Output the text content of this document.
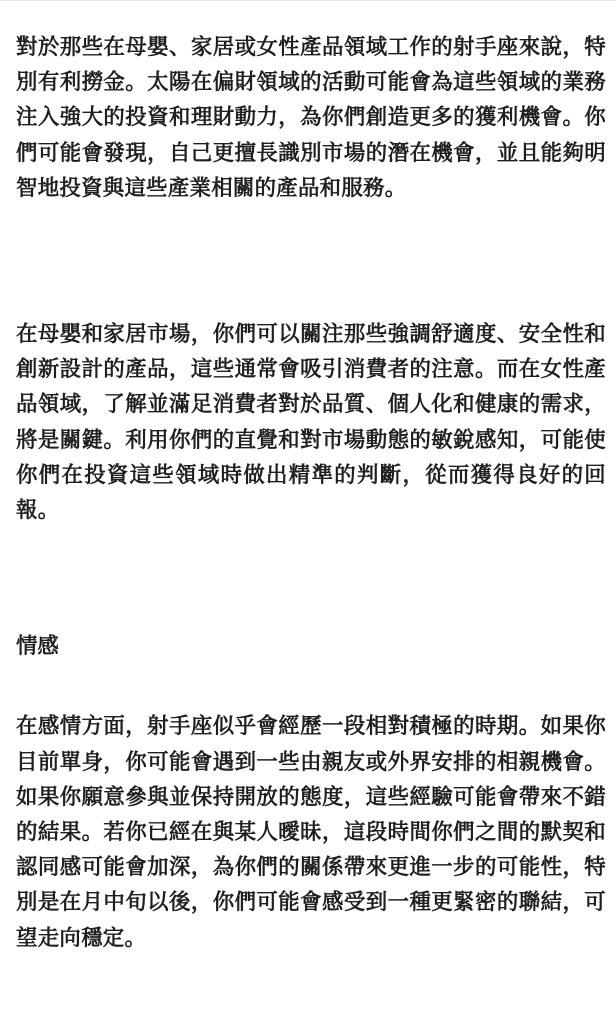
對於那些在母嬰、家居或女性產品領域工作的射手座來說，特別有利撈金。太陽在偏財領域的活動可能會為這些領域的業務注入強大的投資和理財動力，為你們創造更多的獲利機會。你們可能會發現，自己更擅長識別市場的潛在機會，並且能夠明智地投資與這些產業相關的產品和服務。

在母嬰和家居市場，你們可以關注那些強調舒適度、安全性和創新設計的產品，這些通常會吸引消費者的注意。而在女性產品領域，了解並滿足消費者對於品質、個人化和健康的需求，將是關鍵。利用你們的直覺和對市場動態的敏銳感知，可能使你們在投資這些領域時做出精準的判斷，從而獲得良好的回報。

情感

在感情方面，射手座似乎會經歷一段相對積極的時期。如果你目前單身，你可能會遇到一些由親友或外界安排的相親機會。如果你願意參與並保持開放的態度，這些經驗可能會帶來不錯的結果。若你已經在與某人曖昧，這段時間你們之間的默契和認同感可能會加深，為你們的關係帶來更進一步的可能性，特別是在月中旬以後，你們可能會感受到一種更緊密的聯結，可望走向穩定。
